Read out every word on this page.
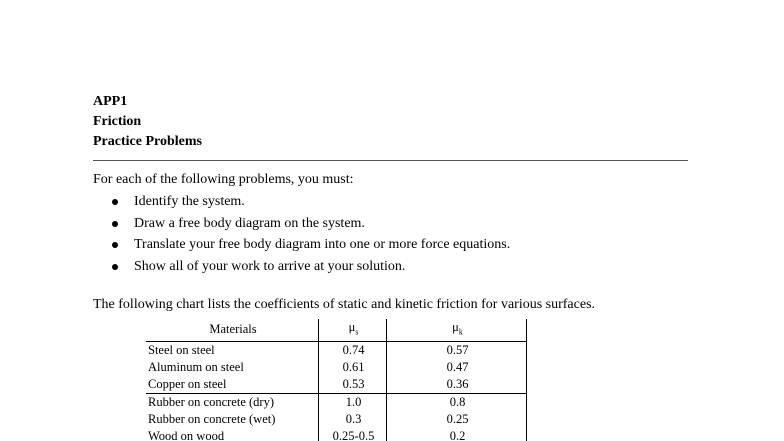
APP1
Friction
Practice Problems
For each of the following problems, you must:
Identify the system.
Draw a free body diagram on the system.
Translate your free body diagram into one or more force equations.
Show all of your work to arrive at your solution.
The following chart lists the coefficients of static and kinetic friction for various surfaces.
Materials	$\mu_s$	$\mu_k$
Steel on steel	0.74	0.57
Aluminum on steel	0.61	0.47
Copper on steel	0.53	0.36
Rubber on concrete (dry)	1.0	0.8
Rubber on concrete (wet)	0.3	0.25
Wood on wood	0.25-0.5	0.2
